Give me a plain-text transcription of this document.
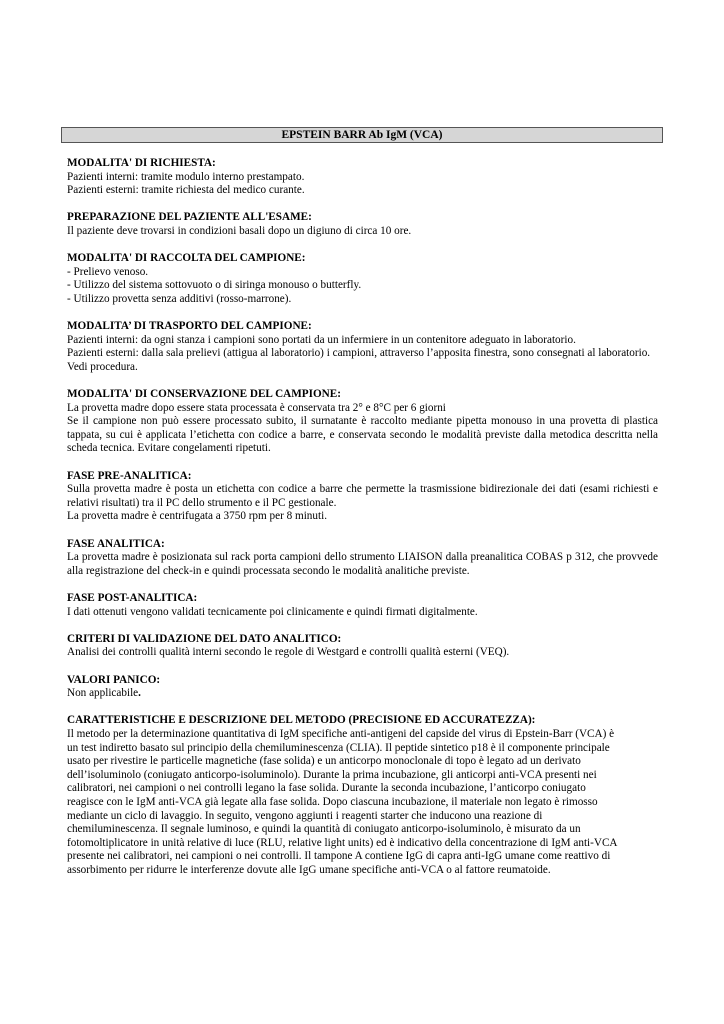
EPSTEIN BARR Ab IgM (VCA)
MODALITA' DI RICHIESTA:
Pazienti interni: tramite modulo interno prestampato.
Pazienti esterni: tramite richiesta del medico curante.
PREPARAZIONE DEL PAZIENTE ALL'ESAME:
Il paziente deve trovarsi in condizioni basali dopo un digiuno di circa 10 ore.
MODALITA' DI RACCOLTA DEL CAMPIONE:
- Prelievo venoso.
- Utilizzo del sistema sottovuoto o di siringa monouso o butterfly.
- Utilizzo provetta senza additivi (rosso-marrone).
MODALITA’ DI TRASPORTO DEL CAMPIONE:
Pazienti interni: da ogni stanza i campioni sono portati da un infermiere in un contenitore adeguato in laboratorio.
Pazienti esterni: dalla sala prelievi (attigua al laboratorio) i campioni, attraverso l’apposita finestra, sono consegnati al laboratorio.
Vedi procedura.
MODALITA' DI CONSERVAZIONE DEL CAMPIONE:
La provetta madre dopo essere stata processata è conservata tra 2° e 8°C per 6 giorni
Se il campione non può essere processato subito, il surnatante è raccolto mediante pipetta monouso in una provetta di plastica tappata, su cui è applicata l’etichetta con codice a barre, e conservata secondo le modalità previste dalla metodica descritta nella scheda tecnica. Evitare congelamenti ripetuti.
FASE PRE-ANALITICA:
Sulla provetta madre è posta un etichetta con codice a barre che permette la trasmissione bidirezionale dei dati (esami richiesti e relativi risultati) tra il PC dello strumento e il PC gestionale.
La provetta madre è centrifugata a 3750 rpm per 8 minuti.
FASE ANALITICA:
La provetta madre è posizionata sul rack porta campioni dello strumento LIAISON dalla preanalitica COBAS p 312, che provvede alla registrazione del check-in e quindi processata secondo le modalità analitiche previste.
FASE POST-ANALITICA:
I dati ottenuti vengono validati tecnicamente poi clinicamente e quindi firmati digitalmente.
CRITERI DI VALIDAZIONE DEL DATO ANALITICO:
Analisi dei controlli qualità interni secondo le regole di Westgard e controlli qualità esterni (VEQ).
VALORI PANICO:
Non applicabile.
CARATTERISTICHE E DESCRIZIONE DEL METODO (PRECISIONE ED ACCURATEZZA):
Il metodo per la determinazione quantitativa di IgM specifiche anti-antigeni del capside del virus di Epstein-Barr (VCA) è
un test indiretto basato sul principio della chemiluminescenza (CLIA). Il peptide sintetico p18 è il componente principale
usato per rivestire le particelle magnetiche (fase solida) e un anticorpo monoclonale di topo è legato ad un derivato
dell’isoluminolo (coniugato anticorpo-isoluminolo). Durante la prima incubazione, gli anticorpi anti-VCA presenti nei
calibratori, nei campioni o nei controlli legano la fase solida. Durante la seconda incubazione, l’anticorpo coniugato
reagisce con le IgM anti-VCA già legate alla fase solida. Dopo ciascuna incubazione, il materiale non legato è rimosso
mediante un ciclo di lavaggio. In seguito, vengono aggiunti i reagenti starter che inducono una reazione di
chemiluminescenza. Il segnale luminoso, e quindi la quantità di coniugato anticorpo-isoluminolo, è misurato da un
fotomoltiplicatore in unità relative di luce (RLU, relative light units) ed è indicativo della concentrazione di IgM anti-VCA
presente nei calibratori, nei campioni o nei controlli. Il tampone A contiene IgG di capra anti-IgG umane come reattivo di
assorbimento per ridurre le interferenze dovute alle IgG umane specifiche anti-VCA o al fattore reumatoide.
